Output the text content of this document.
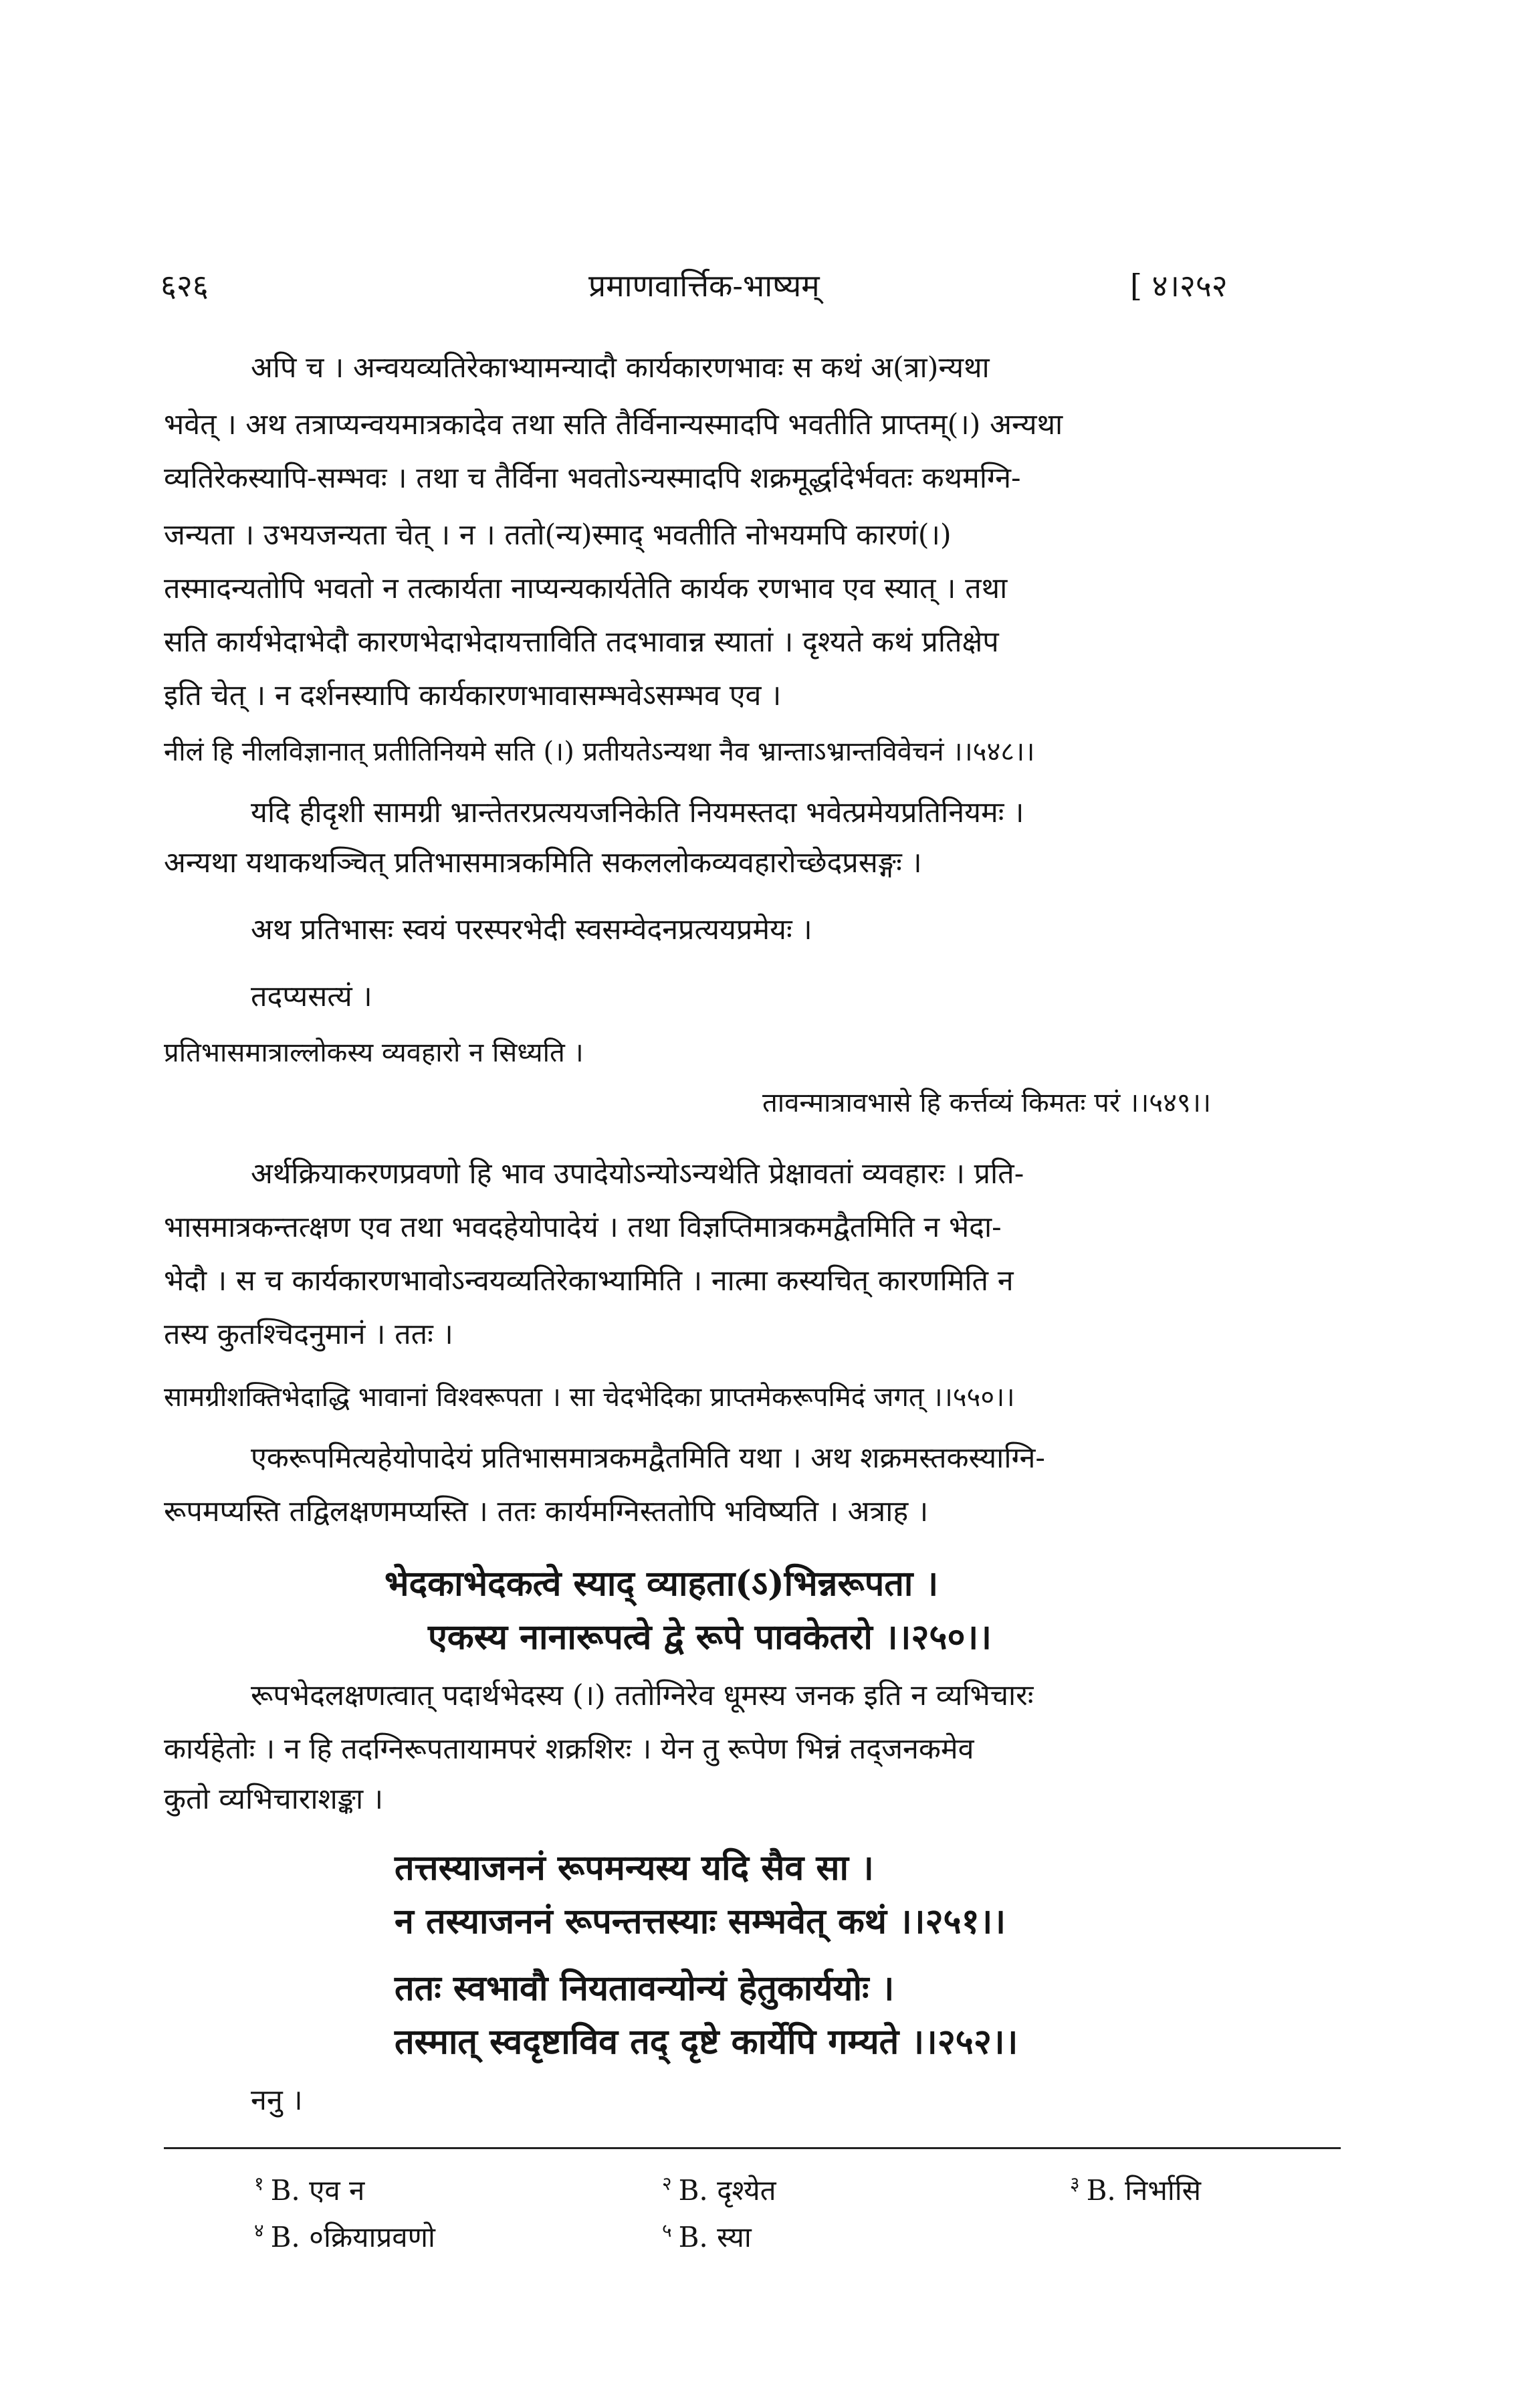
६२६	प्रमाणवार्त्तिक-भाष्यम्	[ ४।२५२
अपि च । अन्वयव्यतिरेकाभ्यामन्यादौ कार्यकारणभावः स कथं अ(त्रा)न्यथा
भवेत् । अथ तत्राप्यन्वयमात्रकादेव तथा सति तैर्विनान्यस्मादपि भवतीति प्राप्तम्(।) अन्यथा
व्यतिरेकस्यापि-सम्भवः । तथा च तैर्विना भवतोऽन्यस्मादपि शक्रमूर्द्धादेर्भवतः कथमग्नि-
जन्यता । उभयजन्यता चेत् । न । ततो(न्य)स्माद् भवतीति नोभयमपि कारणं(।)
तस्मादन्यतोपि भवतो न तत्कार्यता नाप्यन्यकार्यतेति कार्यक रणभाव एव स्यात् । तथा
सति कार्यभेदाभेदौ कारणभेदाभेदायत्ताविति तदभावान्न स्यातां । दृश्यते कथं प्रतिक्षेप
इति चेत् । न दर्शनस्यापि कार्यकारणभावासम्भवेऽसम्भव एव ।
नीलं हि नीलविज्ञानात् प्रतीतिनियमे सति (।) प्रतीयतेऽन्यथा नैव भ्रान्ताऽभ्रान्तविवेचनं ।।५४८।।
यदि हीदृशी सामग्री भ्रान्तेतरप्रत्ययजनिकेति नियमस्तदा भवेत्प्रमेयप्रतिनियमः ।
अन्यथा यथाकथञ्चित् प्रतिभासमात्रकमिति सकललोकव्यवहारोच्छेदप्रसङ्गः ।
अथ प्रतिभासः स्वयं परस्परभेदी स्वसम्वेदनप्रत्ययप्रमेयः ।
तदप्यसत्यं ।
प्रतिभासमात्राल्लोकस्य व्यवहारो न सिध्यति ।
तावन्मात्रावभासे हि कर्त्तव्यं किमतः परं ।।५४९।।
अर्थक्रियाकरणप्रवणो हि भाव उपादेयोऽन्योऽन्यथेति प्रेक्षावतां व्यवहारः । प्रति-
भासमात्रकन्तत्क्षण एव तथा भवदहेयोपादेयं । तथा विज्ञप्तिमात्रकमद्वैतमिति न भेदा-
भेदौ । स च कार्यकारणभावोऽन्वयव्यतिरेकाभ्यामिति । नात्मा कस्यचित् कारणमिति न
तस्य कुतश्चिदनुमानं । ततः ।
सामग्रीशक्तिभेदाद्धि भावानां विश्वरूपता । सा चेदभेदिका प्राप्तमेकरूपमिदं जगत् ।।५५०।।
एकरूपमित्यहेयोपादेयं प्रतिभासमात्रकमद्वैतमिति यथा । अथ शक्रमस्तकस्याग्नि-
रूपमप्यस्ति तद्विलक्षणमप्यस्ति । ततः कार्यमग्निस्ततोपि भविष्यति । अत्राह ।
भेदकाभेदकत्वे स्याद् व्याहता(ऽ)भिन्नरूपता ।
एकस्य नानारूपत्वे द्वे रूपे पावकेतरो ।।२५०।।
रूपभेदलक्षणत्वात् पदार्थभेदस्य (।) ततोग्निरेव धूमस्य जनक इति न व्यभिचारः
कार्यहेतोः । न हि तदग्निरूपतायामपरं शक्रशिरः । येन तु रूपेण भिन्नं तद्जनकमेव
कुतो व्यभिचाराशङ्का ।
तत्तस्याजननं रूपमन्यस्य यदि सैव सा ।
न तस्याजननं रूपन्तत्तस्याः सम्भवेत् कथं ।।२५१।।
ततः स्वभावौ नियतावन्योन्यं हेतुकार्ययोः ।
तस्मात् स्वदृष्टाविव तद् दृष्टे कार्येपि गम्यते ।।२५२।।
ननु ।
$^१$ B. एव न	$^२$ B. दृश्येत	$^३$ B. निर्भासि
$^४$ B. ०क्रियाप्रवणो	$^५$ B. स्या
